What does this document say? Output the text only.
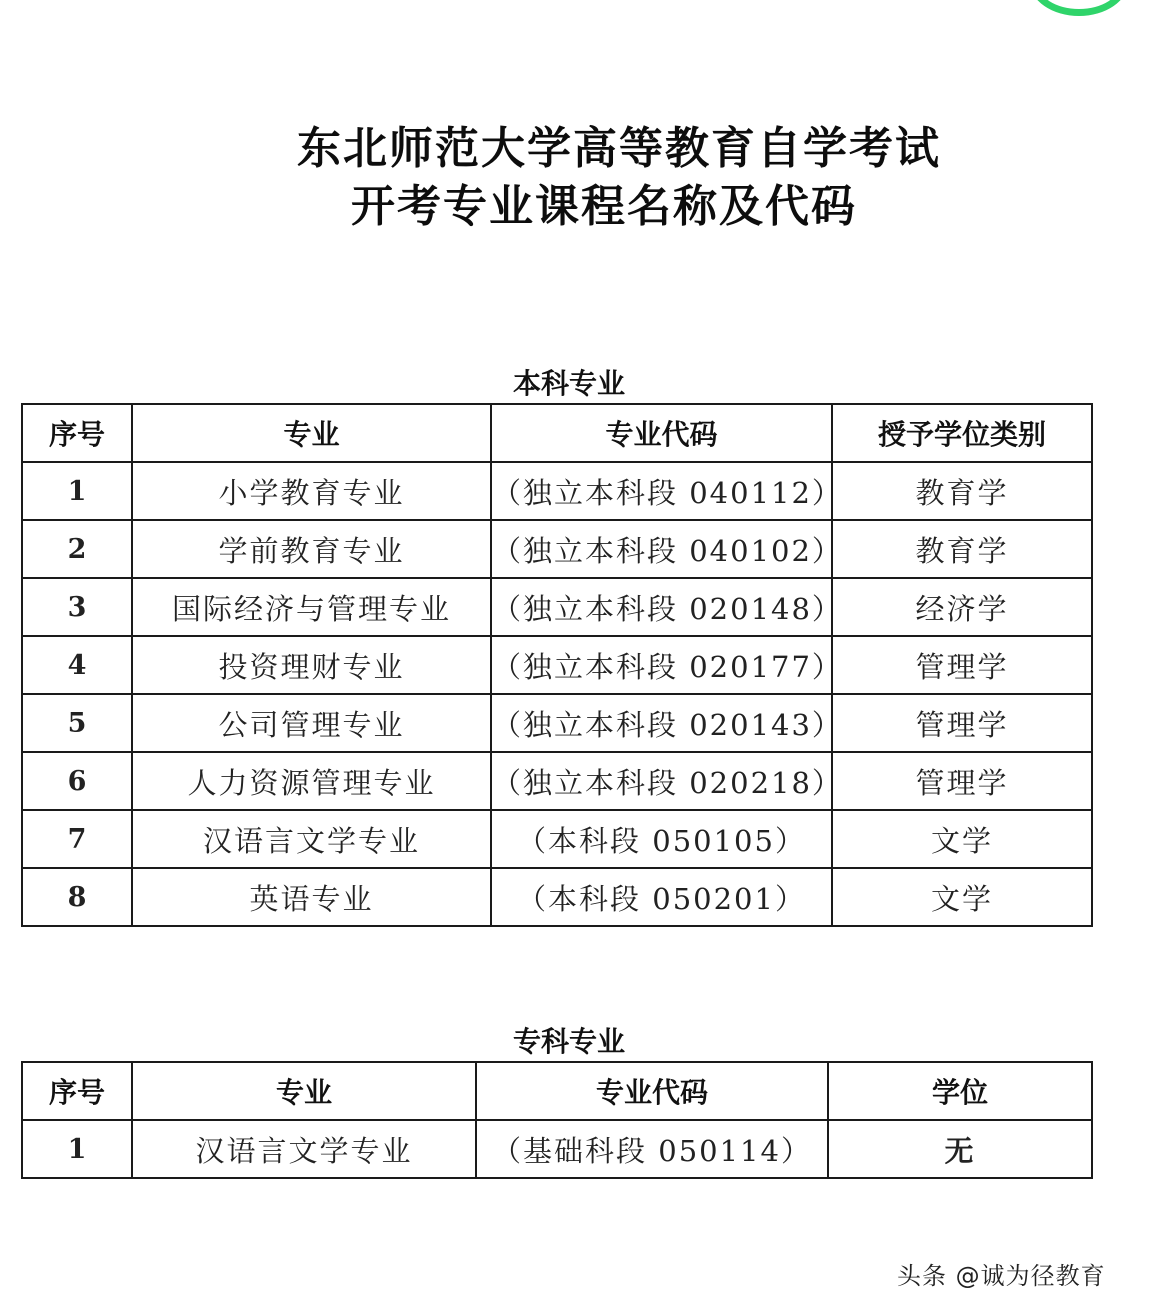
东北师范大学高等教育自学考试
开考专业课程名称及代码
本科专业
序号	专业	专业代码	授予学位类别
1	小学教育专业	（独立本科段 040112）	教育学
2	学前教育专业	（独立本科段 040102）	教育学
3	国际经济与管理专业	（独立本科段 020148）	经济学
4	投资理财专业	（独立本科段 020177）	管理学
5	公司管理专业	（独立本科段 020143）	管理学
6	人力资源管理专业	（独立本科段 020218）	管理学
7	汉语言文学专业	（本科段 050105）	文学
8	英语专业	（本科段 050201）	文学
专科专业
序号	专业	专业代码	学位
1	汉语言文学专业	（基础科段 050114）	无
头条 @诚为径教育
